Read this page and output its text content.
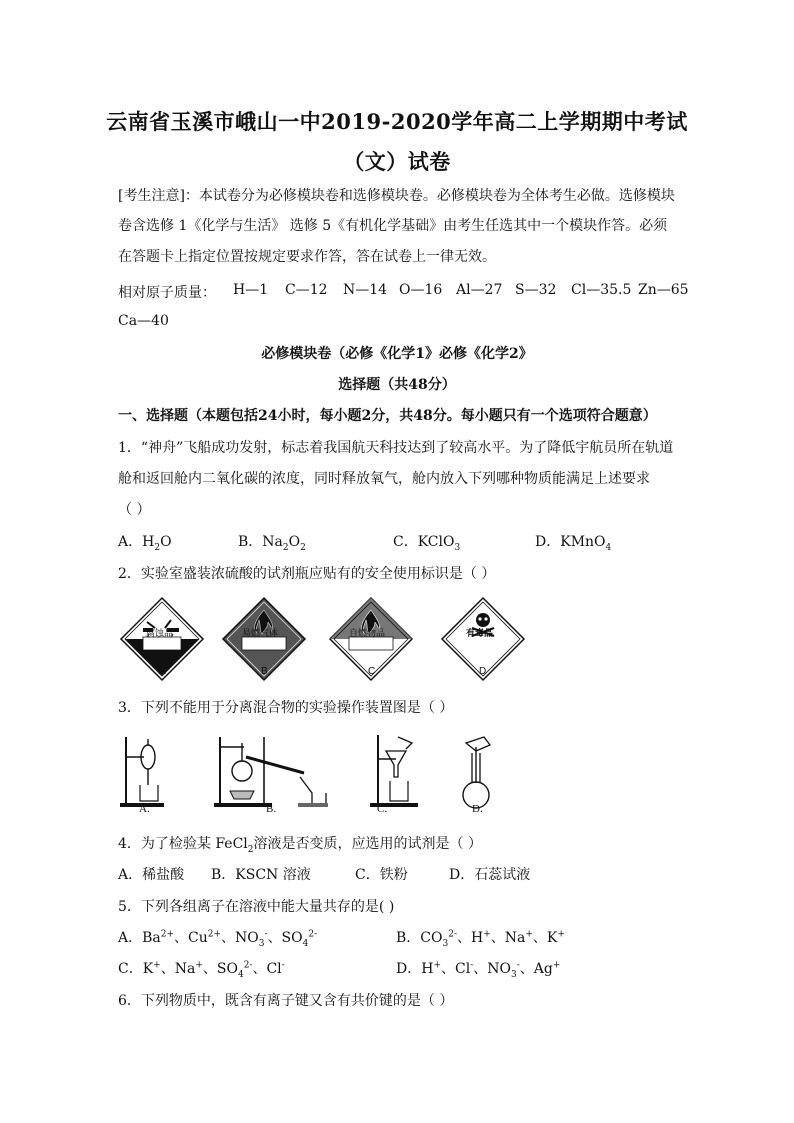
云南省玉溪市峨山一中2019-2020学年高二上学期期中考试
（文）试卷
[考生注意]：本试卷分为必修模块卷和选修模块卷。必修模块卷为全体考生必做。选修模块
卷含选修 1《化学与生活》 选修 5《有机化学基础》由考生任选其中一个模块作答。必须
在答题卡上指定位置按规定要求作答，答在试卷上一律无效。
相对原子质量： H—1 C—12 N—14 O—16 Al—27 S—32 Cl—35.5 Zn—65
Ca—40
必修模块卷（必修《化学1》必修《化学2》
选择题（共48分）
一、选择题（本题包括24小时，每小题2分，共48分。每小题只有一个选项符合题意）
1．“神舟”飞船成功发射，标志着我国航天科技达到了较高水平。为了降低宇航员所在轨道
舱和返回舱内二氧化碳的浓度，同时释放氧气，舱内放入下列哪种物质能满足上述要求
（ ）
A．$H_2O$	B．$Na_2O_2$	C．KClO$_3$	D．KMnO$_4$
2．实验室盛装浓硫酸的试剂瓶应贴有的安全使用标识是（ ）
腐蚀品
A
易燃气体
B
自燃物品
C
有毒品
D
3．下列不能用于分离混合物的实验操作装置图是（ ）
A.	B.	C.	D.
4．为了检验某 FeCl$_2$溶液是否变质，应选用的试剂是（ ）
A．稀盐酸 B．KSCN 溶液	C．铁粉	D．石蕊试液
5．下列各组离子在溶液中能大量共存的是( )
A．$Ba^{2+}$、$Cu^{2+}$、$NO_3^-$、$SO_4^{2-}$	B．$CO_3^{2-}$、H+、Na+、K+
C．K+、Na+、$SO_4^{2-}$、Cl-	D．H+、Cl-、$NO_3^-$、Ag+
6．下列物质中，既含有离子键又含有共价键的是（ ）
